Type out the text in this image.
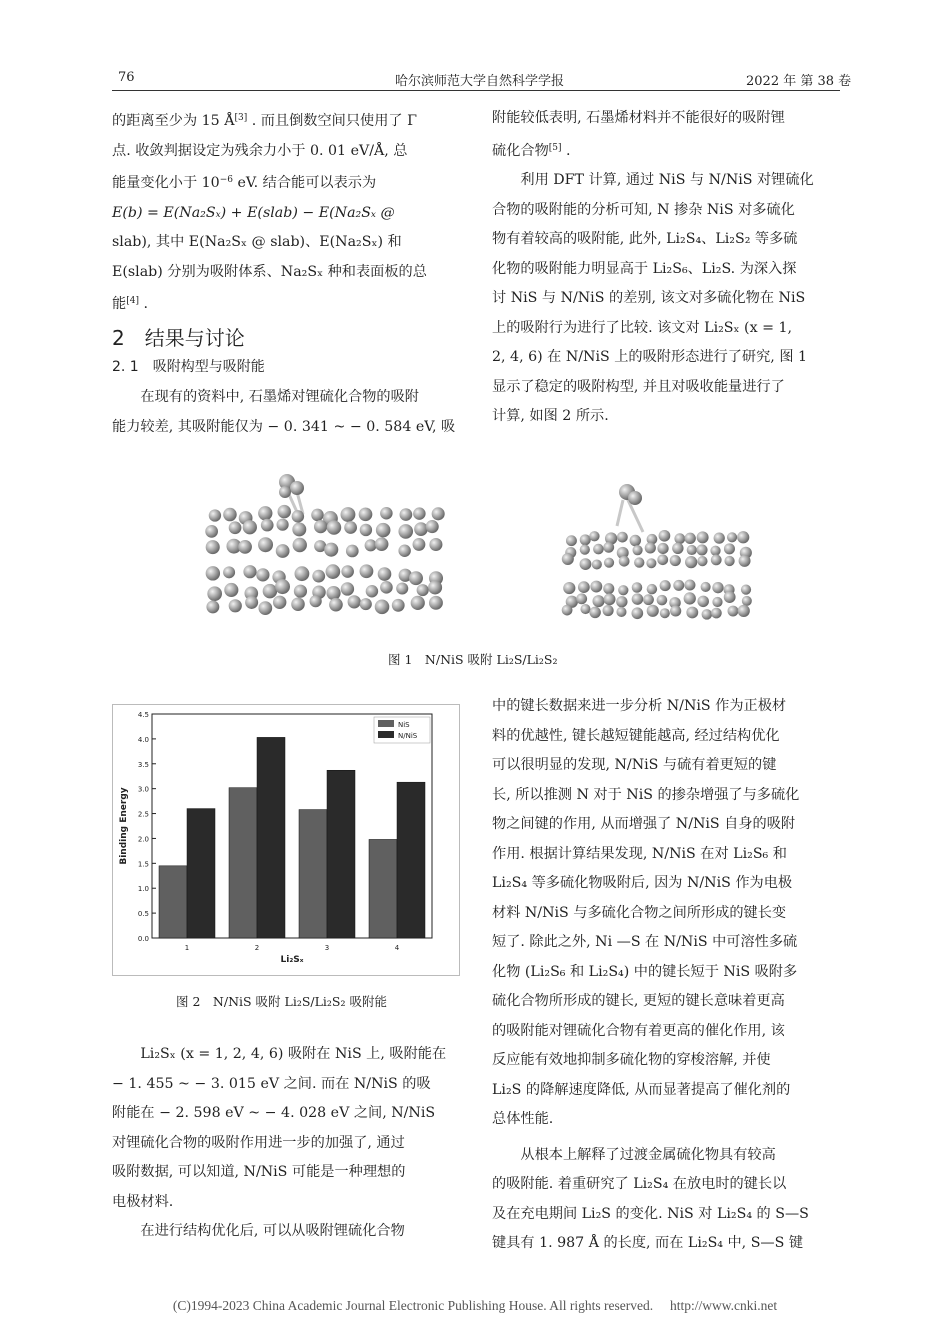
76	哈尔滨师范大学自然科学学报	2022 年 第 38 卷

的距离至少为 15 Å[3] . 而且倒数空间只使用了 Γ

点. 收敛判据设定为残余力小于 0. 01 eV/Å, 总

能量变化小于 $10^{-6}$ eV. 结合能可以表示为

E(b) = E(Na₂Sₓ) + E(slab) − E(Na₂Sₓ @

slab), 其中 E(Na₂Sₓ @ slab)、E(Na₂Sₓ) 和

E(slab) 分别为吸附体系、Na₂Sₓ 种和表面板的总

能[4] .

2　结果与讨论
2. 1　吸附构型与吸附能

在现有的资料中, 石墨烯对锂硫化合物的吸附

能力较差, 其吸附能仅为 − 0. 341 ~ − 0. 584 eV, 吸

附能较低表明, 石墨烯材料并不能很好的吸附锂

硫化合物[5] .

利用 DFT 计算, 通过 NiS 与 N/NiS 对锂硫化

合物的吸附能的分析可知, N 掺杂 NiS 对多硫化

物有着较高的吸附能, 此外, Li₂S₄、Li₂S₂ 等多硫

化物的吸附能力明显高于 Li₂S₆、Li₂S. 为深入探

讨 NiS 与 N/NiS 的差别, 该文对多硫化物在 NiS

上的吸附行为进行了比较. 该文对 Li₂Sₓ (x = 1,

2, 4, 6) 在 N/NiS 上的吸附形态进行了研究, 图 1

显示了稳定的吸附构型, 并且对吸收能量进行了

计算, 如图 2 所示.

图 1　N/NiS 吸附 Li₂S/Li₂S₂
0.0
0.5
1.0
1.5
2.0
2.5
3.0
3.5
4.0
4.5
1	2	3	4
NiS
N/NiS
Binding Energy
Li₂Sₓ
图 2　N/NiS 吸附 Li₂S/Li₂S₂ 吸附能

Li₂Sₓ (x = 1, 2, 4, 6) 吸附在 NiS 上, 吸附能在

− 1. 455 ~ − 3. 015 eV 之间. 而在 N/NiS 的吸

附能在 − 2. 598 eV ~ − 4. 028 eV 之间, N/NiS

对锂硫化合物的吸附作用进一步的加强了, 通过

吸附数据, 可以知道, N/NiS 可能是一种理想的

电极材料.

在进行结构优化后, 可以从吸附锂硫化合物

中的键长数据来进一步分析 N/NiS 作为正极材

料的优越性, 键长越短键能越高, 经过结构优化

可以很明显的发现, N/NiS 与硫有着更短的键

长, 所以推测 N 对于 NiS 的掺杂增强了与多硫化

物之间键的作用, 从而增强了 N/NiS 自身的吸附

作用. 根据计算结果发现, N/NiS 在对 Li₂S₆ 和

Li₂S₄ 等多硫化物吸附后, 因为 N/NiS 作为电极

材料 N/NiS 与多硫化合物之间所形成的键长变

短了. 除此之外, Ni —S 在 N/NiS 中可溶性多硫

化物 (Li₂S₆ 和 Li₂S₄) 中的键长短于 NiS 吸附多

硫化合物所形成的键长, 更短的键长意味着更高

的吸附能对锂硫化合物有着更高的催化作用, 该

反应能有效地抑制多硫化物的穿梭溶解, 并使

Li₂S 的降解速度降低, 从而显著提高了催化剂的

总体性能.

从根本上解释了过渡金属硫化物具有较高

的吸附能. 着重研究了 Li₂S₄ 在放电时的键长以

及在充电期间 Li₂S 的变化. NiS 对 Li₂S₄ 的 S—S

键具有 1. 987 Å 的长度, 而在 Li₂S₄ 中, S—S 键

(C)1994-2023 China Academic Journal Electronic Publishing House. All rights reserved. http://www.cnki.net
